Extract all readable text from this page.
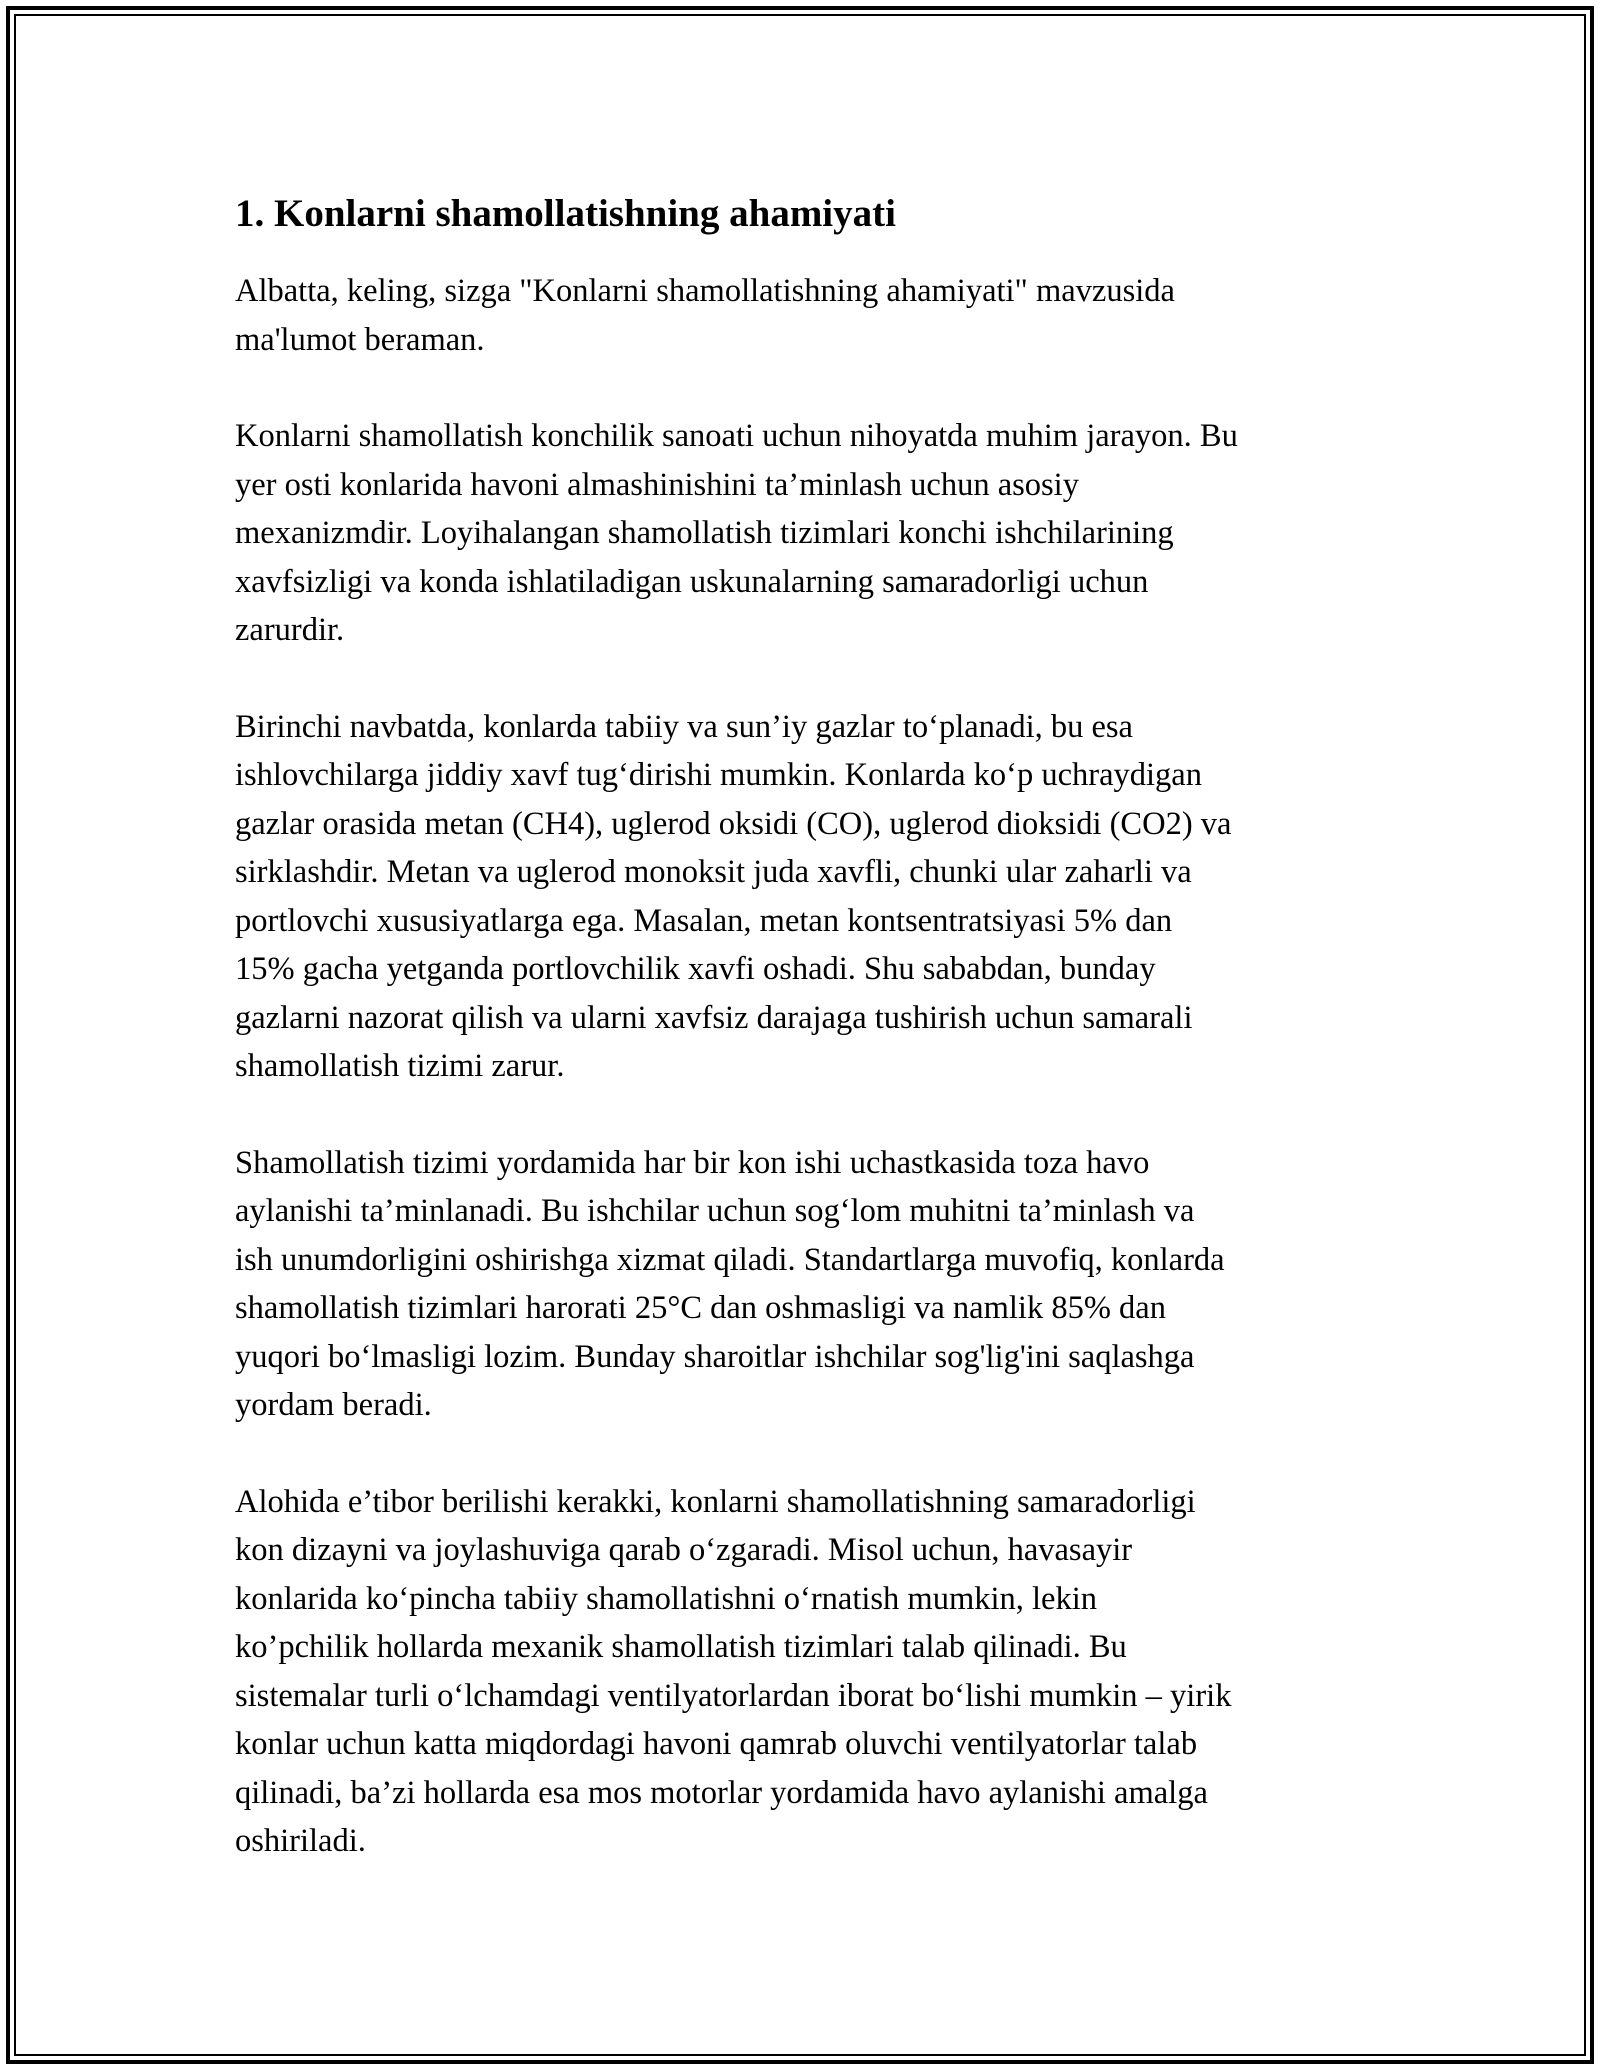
1. Konlarni shamollatishning ahamiyati

Albatta, keling, sizga "Konlarni shamollatishning ahamiyati" mavzusida
ma'lumot beraman.

Konlarni shamollatish konchilik sanoati uchun nihoyatda muhim jarayon. Bu
yer osti konlarida havoni almashinishini ta’minlash uchun asosiy
mexanizmdir. Loyihalangan shamollatish tizimlari konchi ishchilarining
xavfsizligi va konda ishlatiladigan uskunalarning samaradorligi uchun
zarurdir.

Birinchi navbatda, konlarda tabiiy va sun’iy gazlar to‘planadi, bu esa
ishlovchilarga jiddiy xavf tug‘dirishi mumkin. Konlarda ko‘p uchraydigan
gazlar orasida metan (CH4), uglerod oksidi (CO), uglerod dioksidi (CO2) va
sirklashdir. Metan va uglerod monoksit juda xavfli, chunki ular zaharli va
portlovchi xususiyatlarga ega. Masalan, metan kontsentratsiyasi 5% dan
15% gacha yetganda portlovchilik xavfi oshadi. Shu sababdan, bunday
gazlarni nazorat qilish va ularni xavfsiz darajaga tushirish uchun samarali
shamollatish tizimi zarur.

Shamollatish tizimi yordamida har bir kon ishi uchastkasida toza havo
aylanishi ta’minlanadi. Bu ishchilar uchun sog‘lom muhitni ta’minlash va
ish unumdorligini oshirishga xizmat qiladi. Standartlarga muvofiq, konlarda
shamollatish tizimlari harorati 25°C dan oshmasligi va namlik 85% dan
yuqori bo‘lmasligi lozim. Bunday sharoitlar ishchilar sog'lig'ini saqlashga
yordam beradi.

Alohida e’tibor berilishi kerakki, konlarni shamollatishning samaradorligi
kon dizayni va joylashuviga qarab o‘zgaradi. Misol uchun, havasayir
konlarida ko‘pincha tabiiy shamollatishni o‘rnatish mumkin, lekin
ko’pchilik hollarda mexanik shamollatish tizimlari talab qilinadi. Bu
sistemalar turli o‘lchamdagi ventilyatorlardan iborat bo‘lishi mumkin – yirik
konlar uchun katta miqdordagi havoni qamrab oluvchi ventilyatorlar talab
qilinadi, ba’zi hollarda esa mos motorlar yordamida havo aylanishi amalga
oshiriladi.
